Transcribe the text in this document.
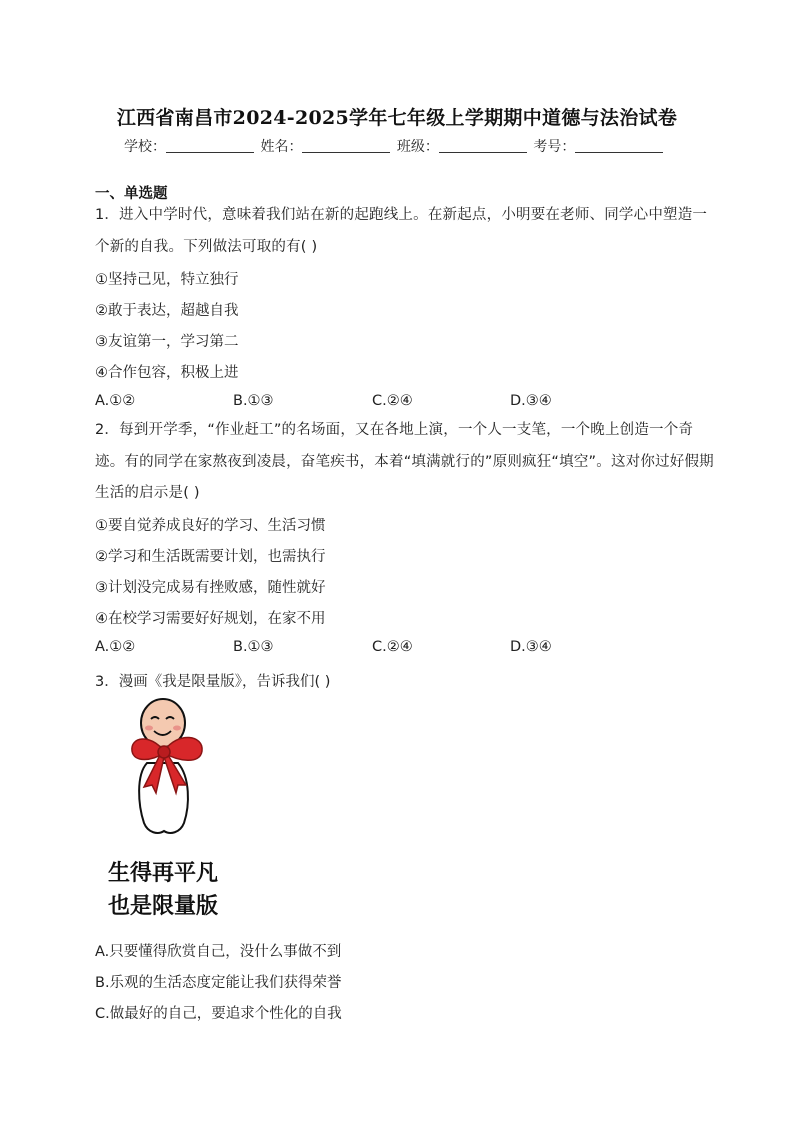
江西省南昌市2024-2025学年七年级上学期期中道德与法治试卷
学校：	姓名：	班级：	考号：
一、单选题
1．进入中学时代，意味着我们站在新的起跑线上。在新起点，小明要在老师、同学心中塑造一个新的自我。下列做法可取的有( )
①坚持己见，特立独行
②敢于表达，超越自我
③友谊第一，学习第二
④合作包容，积极上进
A.①②	B.①③	C.②④	D.③④
2．每到开学季，“作业赶工”的名场面，又在各地上演，一个人一支笔，一个晚上创造一个奇迹。有的同学在家熬夜到凌晨，奋笔疾书，本着“填满就行的”原则疯狂“填空”。这对你过好假期生活的启示是( )
①要自觉养成良好的学习、生活习惯
②学习和生活既需要计划，也需执行
③计划没完成易有挫败感，随性就好
④在校学习需要好好规划，在家不用
A.①②	B.①③	C.②④	D.③④
3．漫画《我是限量版》，告诉我们( )
生得再平凡
也是限量版
A.只要懂得欣赏自己，没什么事做不到
B.乐观的生活态度定能让我们获得荣誉
C.做最好的自己，要追求个性化的自我
